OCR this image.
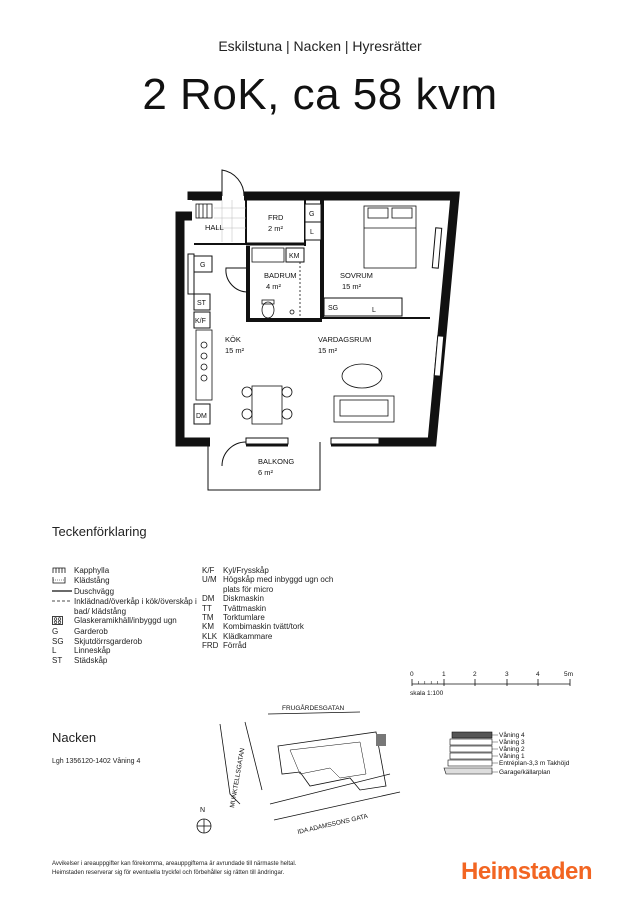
Eskilstuna | Nacken | Hyresrätter
2 RoK, ca 58 kvm
HALL
FRD
2 m²
BADRUM
4 m²
SOVRUM
15 m²
KÖK
15 m²
VARDAGSRUM
15 m²
BALKONG
6 m²
G
L
KM
G
ST
K/F
SG	L
DM
Teckenförklaring
Kapphylla
Klädstång
Duschvägg
Inklädnad/överkåp i kök/överskåp i bad/ klädstång
Glaskeramikhäll/inbyggd ugn
G	Garderob
SG	Skjutdörrsgarderob
L	Linneskåp
ST	Städskåp
K/F	Kyl/Frysskåp
U/M Högskåp med inbyggd ugn och plats för micro
DM	Diskmaskin
TT	Tvättmaskin
TM	Torktumlare
KM	Kombimaskin tvätt/tork
KLK Klädkammare
FRD Förråd
0	1	2	3	4	5m
skala 1:100
Nacken
Lgh 1356120-1402 Våning 4
FRUGÅRDESGATAN
MUNKTELLSGATAN
IDA ADAMSSONS GATA
N
Våning 4
Våning 3
Våning 2
Våning 1
Entréplan-3,3 m Takhöjd
Garage/källarplan
Avvikelser i areauppgifter kan förekomma, areauppgifterna är avrundade till närmaste heltal.
Heimstaden reserverar sig för eventuella tryckfel och förbehåller sig rätten till ändringar.	Heimstaden
